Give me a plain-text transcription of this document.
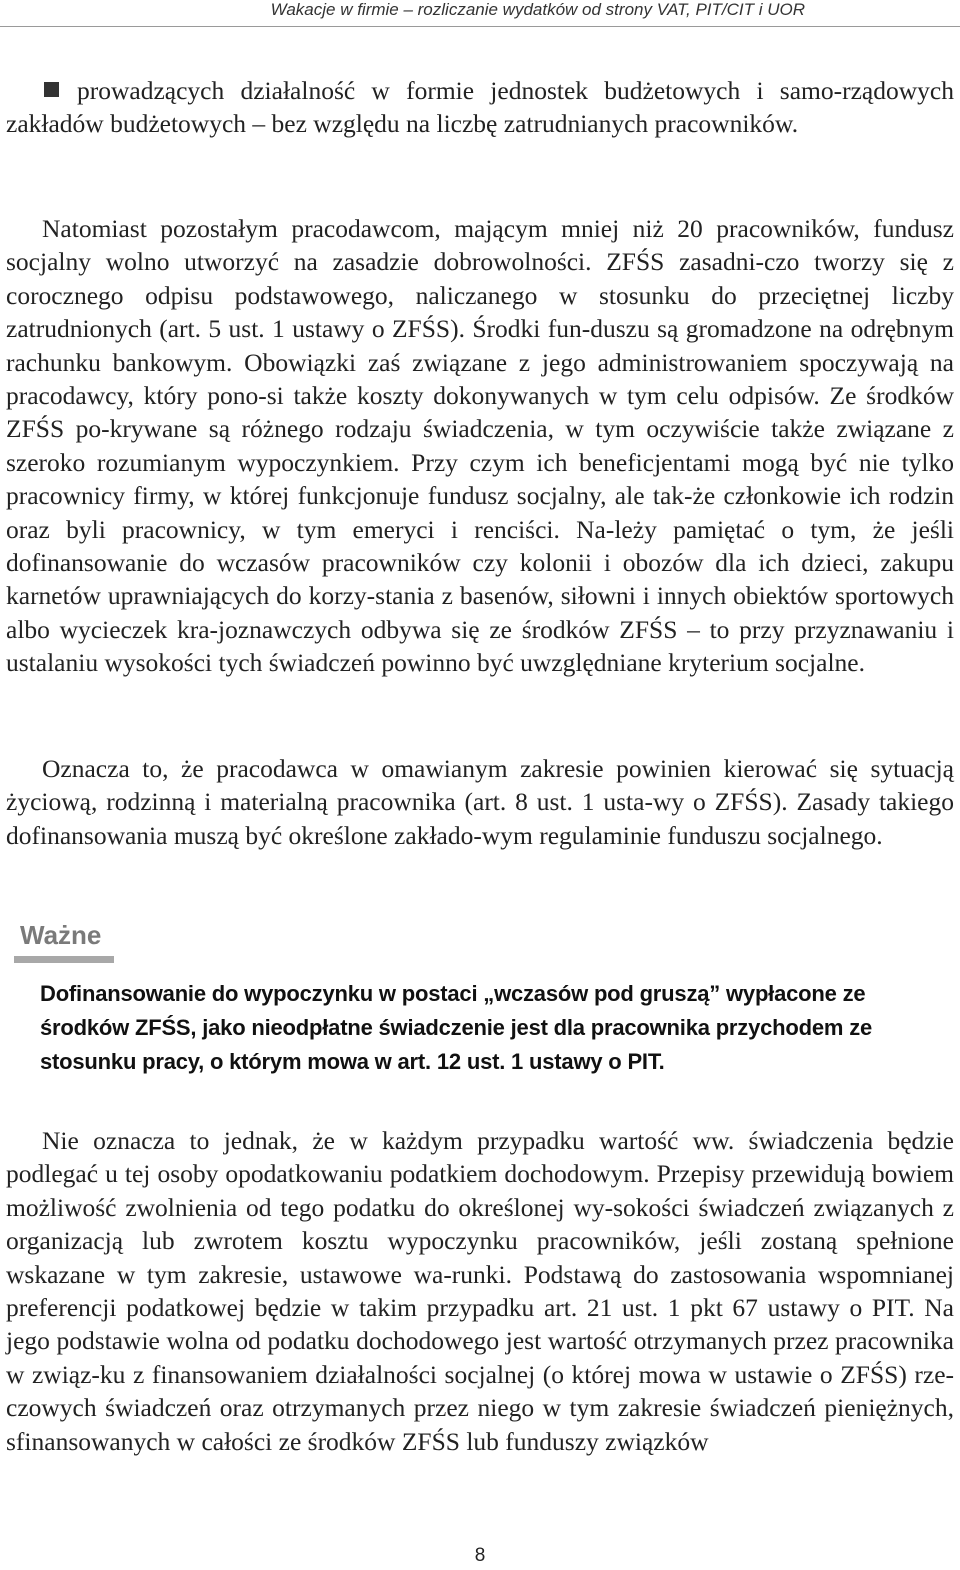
Wakacje w firmie – rozliczanie wydatków od strony VAT, PIT/CIT i UOR

prowadzących działalność w formie jednostek budżetowych i samo-rządowych zakładów budżetowych – bez względu na liczbę zatrudnianych pracowników.

Natomiast pozostałym pracodawcom, mającym mniej niż 20 pracowników, fundusz socjalny wolno utworzyć na zasadzie dobrowolności. ZFŚS zasadni-czo tworzy się z corocznego odpisu podstawowego, naliczanego w stosunku do przeciętnej liczby zatrudnionych (art. 5 ust. 1 ustawy o ZFŚS). Środki fun-duszu są gromadzone na odrębnym rachunku bankowym. Obowiązki zaś związane z jego administrowaniem spoczywają na pracodawcy, który pono-si także koszty dokonywanych w tym celu odpisów. Ze środków ZFŚS po-krywane są różnego rodzaju świadczenia, w tym oczywiście także związane z szeroko rozumianym wypoczynkiem. Przy czym ich beneficjentami mogą być nie tylko pracownicy firmy, w której funkcjonuje fundusz socjalny, ale tak-że członkowie ich rodzin oraz byli pracownicy, w tym emeryci i renciści. Na-leży pamiętać o tym, że jeśli dofinansowanie do wczasów pracowników czy kolonii i obozów dla ich dzieci, zakupu karnetów uprawniających do korzy-stania z basenów, siłowni i innych obiektów sportowych albo wycieczek kra-joznawczych odbywa się ze środków ZFŚS – to przy przyznawaniu i ustalaniu wysokości tych świadczeń powinno być uwzględniane kryterium socjalne.

Oznacza to, że pracodawca w omawianym zakresie powinien kierować się sytuacją życiową, rodzinną i materialną pracownika (art. 8 ust. 1 usta-wy o ZFŚS). Zasady takiego dofinansowania muszą być określone zakłado-wym regulaminie funduszu socjalnego.

Ważne
Dofinansowanie do wypoczynku w postaci „wczasów pod gruszą” wypłacone ze środków ZFŚS, jako nieodpłatne świadczenie jest dla pracownika przychodem ze stosunku pracy, o którym mowa w art. 12 ust. 1 ustawy o PIT.

Nie oznacza to jednak, że w każdym przypadku wartość ww. świadczenia będzie podlegać u tej osoby opodatkowaniu podatkiem dochodowym. Przepisy przewidują bowiem możliwość zwolnienia od tego podatku do określonej wy-sokości świadczeń związanych z organizacją lub zwrotem kosztu wypoczynku pracowników, jeśli zostaną spełnione wskazane w tym zakresie, ustawowe wa-runki. Podstawą do zastosowania wspomnianej preferencji podatkowej będzie w takim przypadku art. 21 ust. 1 pkt 67 ustawy o PIT. Na jego podstawie wolna od podatku dochodowego jest wartość otrzymanych przez pracownika w związ-ku z finansowaniem działalności socjalnej (o której mowa w ustawie o ZFŚS) rze-czowych świadczeń oraz otrzymanych przez niego w tym zakresie świadczeń pieniężnych, sfinansowanych w całości ze środków ZFŚS lub funduszy związków

8
